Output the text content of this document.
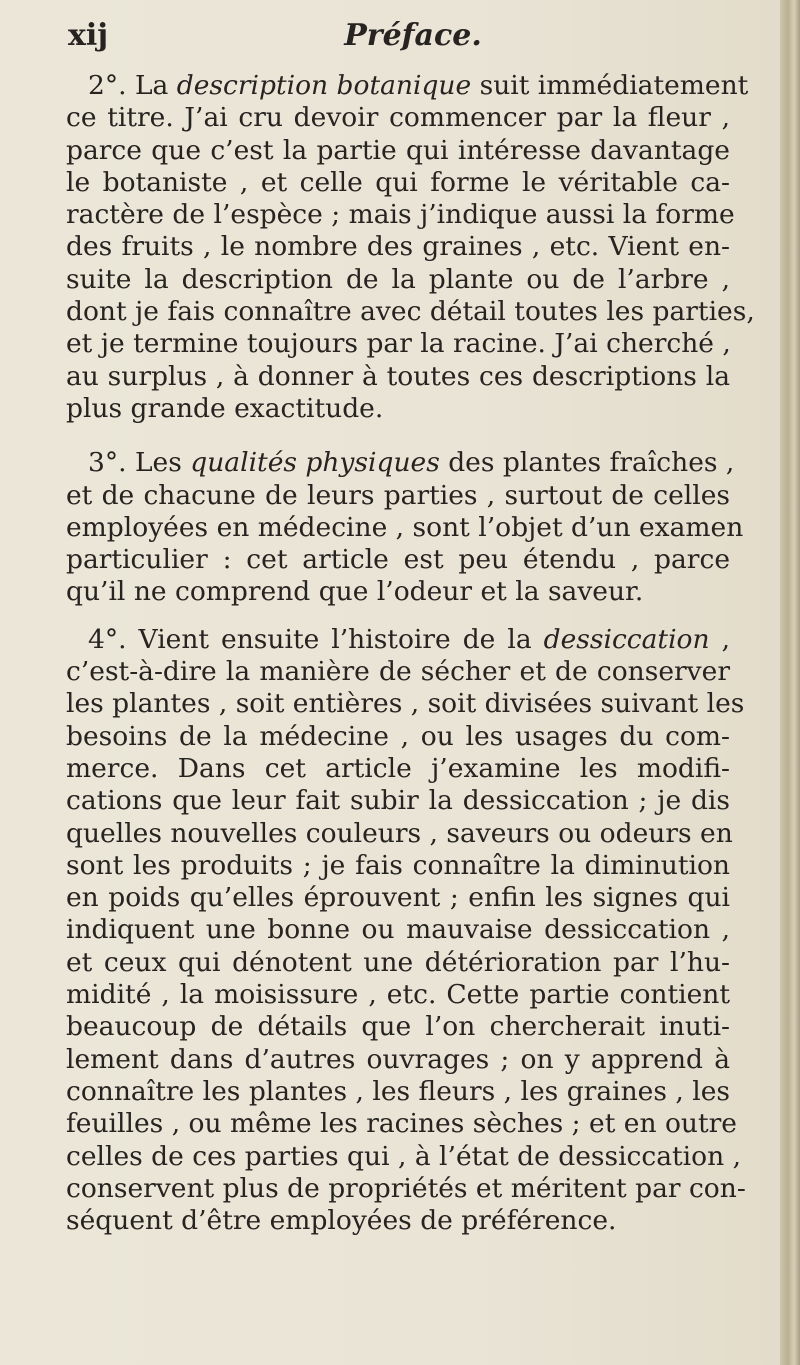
xij	Préface.
2°. La description botanique suit immédiatement
ce titre. J’ai cru devoir commencer par la fleur ,
parce que c’est la partie qui intéresse davantage
le botaniste , et celle qui forme le véritable ca-
ractère de l’espèce ; mais j’indique aussi la forme
des fruits , le nombre des graines , etc. Vient en-
suite la description de la plante ou de l’arbre ,
dont je fais connaître avec détail toutes les parties,
et je termine toujours par la racine. J’ai cherché ,
au surplus , à donner à toutes ces descriptions la
plus grande exactitude.
3°. Les qualités physiques des plantes fraîches ,
et de chacune de leurs parties , surtout de celles
employées en médecine , sont l’objet d’un examen
particulier : cet article est peu étendu , parce
qu’il ne comprend que l’odeur et la saveur.
4°. Vient ensuite l’histoire de la dessiccation ,
c’est-à-dire la manière de sécher et de conserver
les plantes , soit entières , soit divisées suivant les
besoins de la médecine , ou les usages du com-
merce. Dans cet article j’examine les modifi-
cations que leur fait subir la dessiccation ; je dis
quelles nouvelles couleurs , saveurs ou odeurs en
sont les produits ; je fais connaître la diminution
en poids qu’elles éprouvent ; enfin les signes qui
indiquent une bonne ou mauvaise dessiccation ,
et ceux qui dénotent une détérioration par l’hu-
midité , la moisissure , etc. Cette partie contient
beaucoup de détails que l’on chercherait inuti-
lement dans d’autres ouvrages ; on y apprend à
connaître les plantes , les fleurs , les graines , les
feuilles , ou même les racines sèches ; et en outre
celles de ces parties qui , à l’état de dessiccation ,
conservent plus de propriétés et méritent par con-
séquent d’être employées de préférence.
